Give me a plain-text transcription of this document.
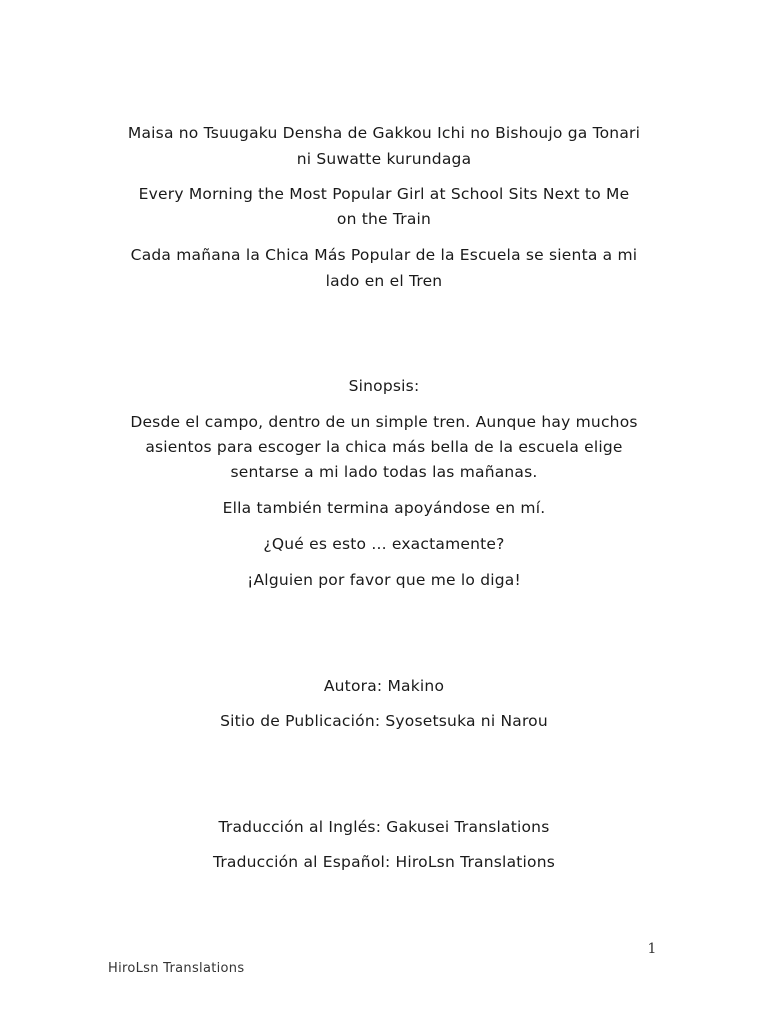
Maisa no Tsuugaku Densha de Gakkou Ichi no Bishoujo ga Tonari
ni Suwatte kurundaga
Every Morning the Most Popular Girl at School Sits Next to Me
on the Train
Cada mañana la Chica Más Popular de la Escuela se sienta a mi
lado en el Tren
Sinopsis:
Desde el campo, dentro de un simple tren. Aunque hay muchos
asientos para escoger la chica más bella de la escuela elige
sentarse a mi lado todas las mañanas.
Ella también termina apoyándose en mí.
¿Qué es esto ... exactamente?
¡Alguien por favor que me lo diga!
Autora: Makino
Sitio de Publicación: Syosetsuka ni Narou
Traducción al Inglés: Gakusei Translations
Traducción al Español: HiroLsn Translations
1
HiroLsn Translations
